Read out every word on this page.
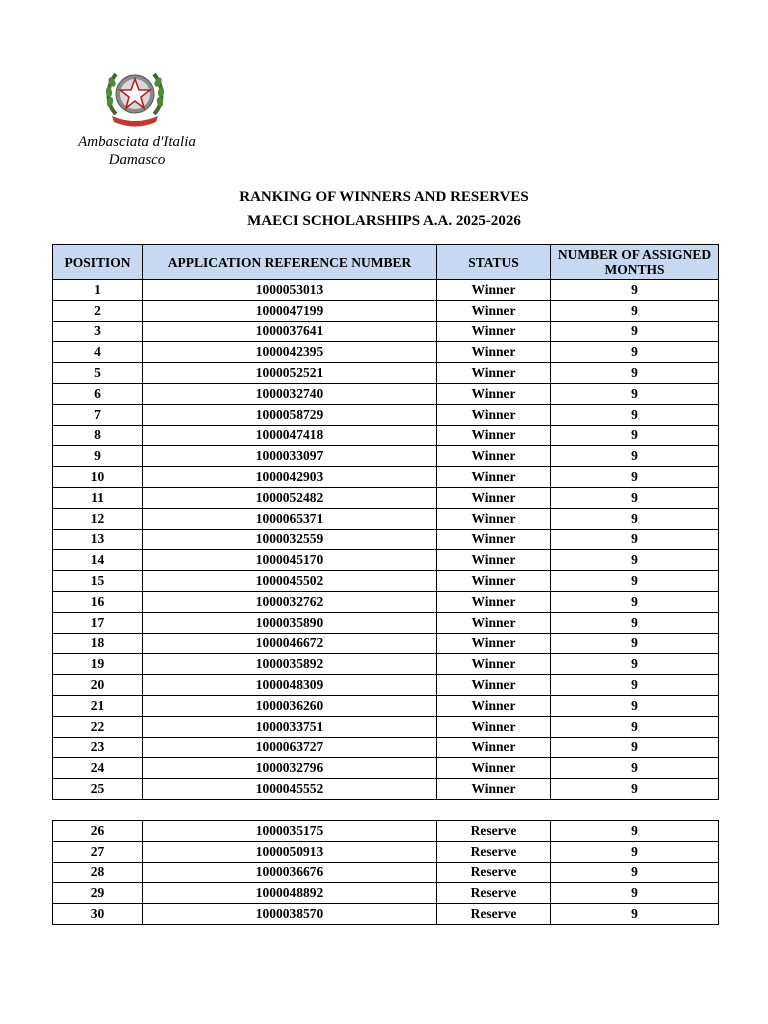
Ambasciata d'Italia
Damasco
RANKING OF WINNERS AND RESERVES
MAECI SCHOLARSHIPS A.A. 2025-2026
POSITION	APPLICATION REFERENCE NUMBER	STATUS	NUMBER OF ASSIGNED MONTHS
1	1000053013	Winner	9
2	1000047199	Winner	9
3	1000037641	Winner	9
4	1000042395	Winner	9
5	1000052521	Winner	9
6	1000032740	Winner	9
7	1000058729	Winner	9
8	1000047418	Winner	9
9	1000033097	Winner	9
10	1000042903	Winner	9
11	1000052482	Winner	9
12	1000065371	Winner	9
13	1000032559	Winner	9
14	1000045170	Winner	9
15	1000045502	Winner	9
16	1000032762	Winner	9
17	1000035890	Winner	9
18	1000046672	Winner	9
19	1000035892	Winner	9
20	1000048309	Winner	9
21	1000036260	Winner	9
22	1000033751	Winner	9
23	1000063727	Winner	9
24	1000032796	Winner	9
25	1000045552	Winner	9
26	1000035175	Reserve	9
27	1000050913	Reserve	9
28	1000036676	Reserve	9
29	1000048892	Reserve	9
30	1000038570	Reserve	9
